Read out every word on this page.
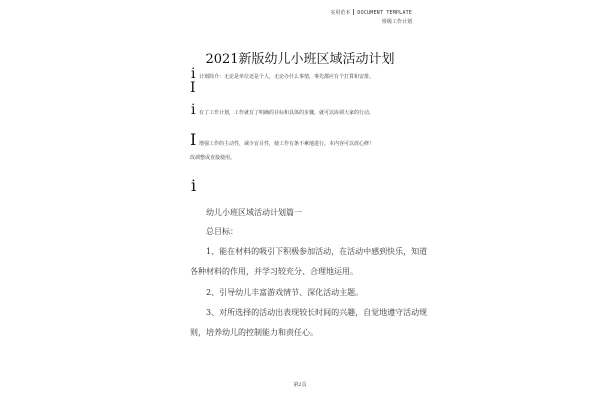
实用范本 DOCUMENT TEMPLATE
班级工作计划
2021新版幼儿小班区域活动计划
i 计划简介：无论是单位还是个人，无论办什么事情，事先都应有个打算和安排。
I
i 有了工作计划，工作就有了明确的目标和具体的步骤，就可以协调大家的行动，
I 增强工作的主动性，减少盲目性，使工作有条不紊地进行。本内容可以放心修！
改调整或直接使用。
i
幼儿小班区域活动计划篇一
总目标：
1、能在材料的吸引下积极参加活动，在活动中感到快乐，知道
各种材料的作用，并学习较充分、合理地运用。
2、引导幼儿丰富游戏情节、深化活动主题。
3、对所选择的活动出表现较长时间的兴趣，自觉地遵守活动规
则，培养幼儿的控制能力和责任心。
第2页
